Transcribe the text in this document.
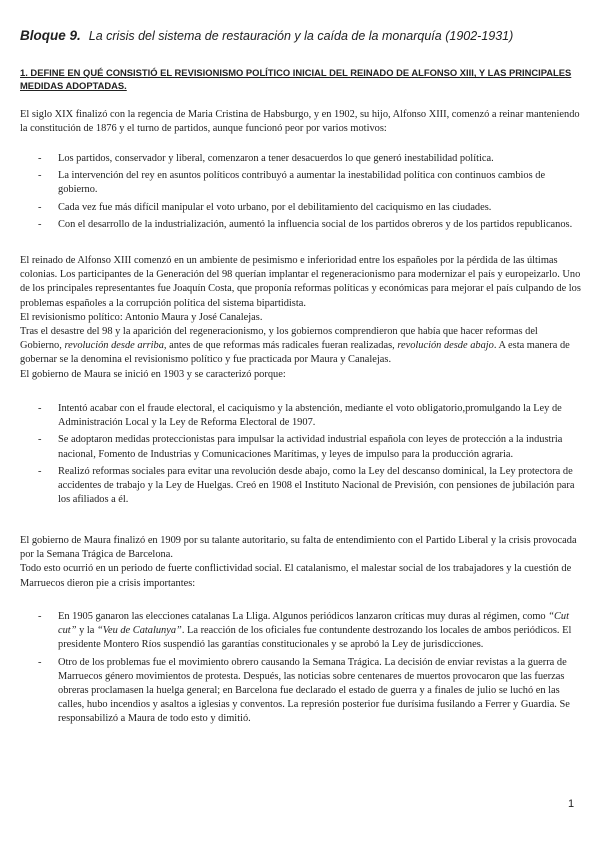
Bloque 9. La crisis del sistema de restauración y la caída de la monarquía (1902-1931)
1. DEFINE EN QUÉ CONSISTIÓ EL REVISIONISMO POLÍTICO INICIAL DEL REINADO DE ALFONSO XIII, Y LAS PRINCIPALES MEDIDAS ADOPTADAS.

El siglo XIX finalizó con la regencia de Maria Cristina de Habsburgo, y en 1902, su hijo, Alfonso XIII, comenzó a reinar manteniendo la constitución de 1876 y el turno de partidos, aunque funcionó peor por varios motivos:

- Los partidos, conservador y liberal, comenzaron a tener desacuerdos lo que generó inestabilidad política.
- La intervención del rey en asuntos políticos contribuyó a aumentar la inestabilidad política con continuos cambios de gobierno.
- Cada vez fue más difícil manipular el voto urbano, por el debilitamiento del caciquismo en las ciudades.
- Con el desarrollo de la industrialización, aumentó la influencia social de los partidos obreros y de los partidos republicanos.
El reinado de Alfonso XIII comenzó en un ambiente de pesimismo e inferioridad entre los españoles por la pérdida de las últimas colonias. Los participantes de la Generación del 98 querían implantar el regeneracionismo para modernizar el país y europeizarlo. Uno de los principales representantes fue Joaquín Costa, que proponía reformas políticas y económicas para mejorar el país culpando de los problemas españoles a la corrupción política del sistema bipartidista.
El revisionismo político: Antonio Maura y José Canalejas.
Tras el desastre del 98 y la aparición del regeneracionismo, y los gobiernos comprendieron que había que hacer reformas del Gobierno, revolución desde arriba, antes de que reformas más radicales fueran realizadas, revolución desde abajo. A esta manera de gobernar se la denomina el revisionismo político y fue practicada por Maura y Canalejas.
El gobierno de Maura se inició en 1903 y se caracterizó porque:
- Intentó acabar con el fraude electoral, el caciquismo y la abstención, mediante el voto obligatorio,promulgando la Ley de Administración Local y la Ley de Reforma Electoral de 1907.
- Se adoptaron medidas proteccionistas para impulsar la actividad industrial española con leyes de protección a la industria nacional, Fomento de Industrias y Comunicaciones Marítimas, y leyes de impulso para la producción agraria.
- Realizó reformas sociales para evitar una revolución desde abajo, como la Ley del descanso dominical, la Ley protectora de accidentes de trabajo y la Ley de Huelgas. Creó en 1908 el Instituto Nacional de Previsión, con pensiones de jubilación para los afiliados a él.
El gobierno de Maura finalizó en 1909 por su talante autoritario, su falta de entendimiento con el Partido Liberal y la crisis provocada por la Semana Trágica de Barcelona.
Todo esto ocurrió en un periodo de fuerte conflictividad social. El catalanismo, el malestar social de los trabajadores y la cuestión de Marruecos dieron pie a crisis importantes:
- En 1905 ganaron las elecciones catalanas La Lliga. Algunos periódicos lanzaron críticas muy duras al régimen, como “Cut cut” y la “Veu de Catalunya”. La reacción de los oficiales fue contundente destrozando los locales de ambos periódicos. El presidente Montero Ríos suspendió las garantías constitucionales y se aprobó la Ley de jurisdicciones.
- Otro de los problemas fue el movimiento obrero causando la Semana Trágica. La decisión de enviar revistas a la guerra de Marruecos género movimientos de protesta. Después, las noticias sobre centenares de muertos provocaron que las fuerzas obreras proclamasen la huelga general; en Barcelona fue declarado el estado de guerra y a finales de julio se luchó en las calles, hubo incendios y asaltos a iglesias y conventos. La represión posterior fue durísima fusilando a Ferrer y Guardia. Se responsabilizó a Maura de todo esto y dimitió.
1
